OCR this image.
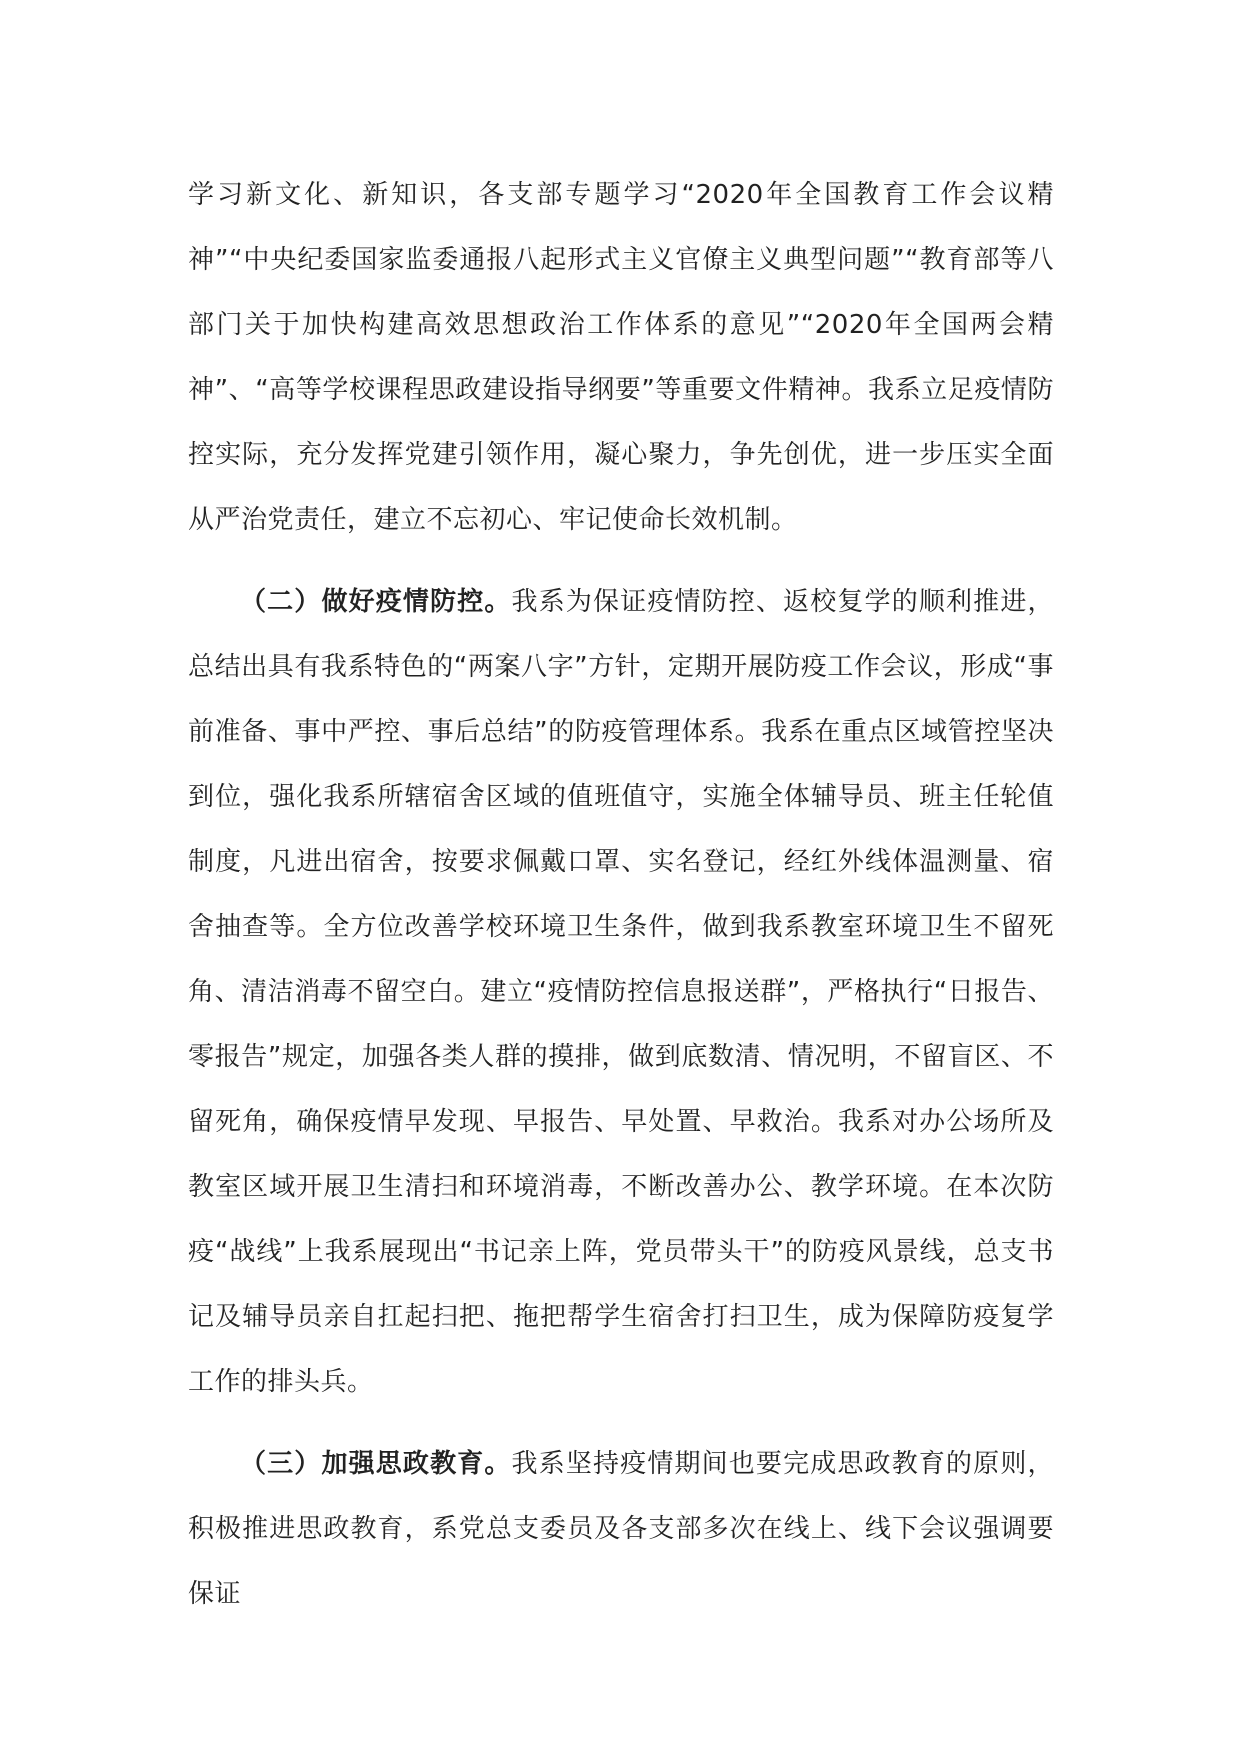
学习新文化、新知识，各支部专题学习“2020年全国教育工作会议精神”“中央纪委国家监委通报八起形式主义官僚主义典型问题”“教育部等八部门关于加快构建高效思想政治工作体系的意见”“2020年全国两会精神”、“高等学校课程思政建设指导纲要”等重要文件精神。我系立足疫情防控实际，充分发挥党建引领作用，凝心聚力，争先创优，进一步压实全面从严治党责任，建立不忘初心、牢记使命长效机制。

（二）做好疫情防控。我系为保证疫情防控、返校复学的顺利推进，总结出具有我系特色的“两案八字”方针，定期开展防疫工作会议，形成“事前准备、事中严控、事后总结”的防疫管理体系。我系在重点区域管控坚决到位，强化我系所辖宿舍区域的值班值守，实施全体辅导员、班主任轮值制度，凡进出宿舍，按要求佩戴口罩、实名登记，经红外线体温测量、宿舍抽查等。全方位改善学校环境卫生条件，做到我系教室环境卫生不留死角、清洁消毒不留空白。建立“疫情防控信息报送群”，严格执行“日报告、零报告”规定，加强各类人群的摸排，做到底数清、情况明，不留盲区、不留死角，确保疫情早发现、早报告、早处置、早救治。我系对办公场所及教室区域开展卫生清扫和环境消毒，不断改善办公、教学环境。在本次防疫“战线”上我系展现出“书记亲上阵，党员带头干”的防疫风景线，总支书记及辅导员亲自扛起扫把、拖把帮学生宿舍打扫卫生，成为保障防疫复学工作的排头兵。

（三）加强思政教育。我系坚持疫情期间也要完成思政教育的原则，积极推进思政教育，系党总支委员及各支部多次在线上、线下会议强调要保证
